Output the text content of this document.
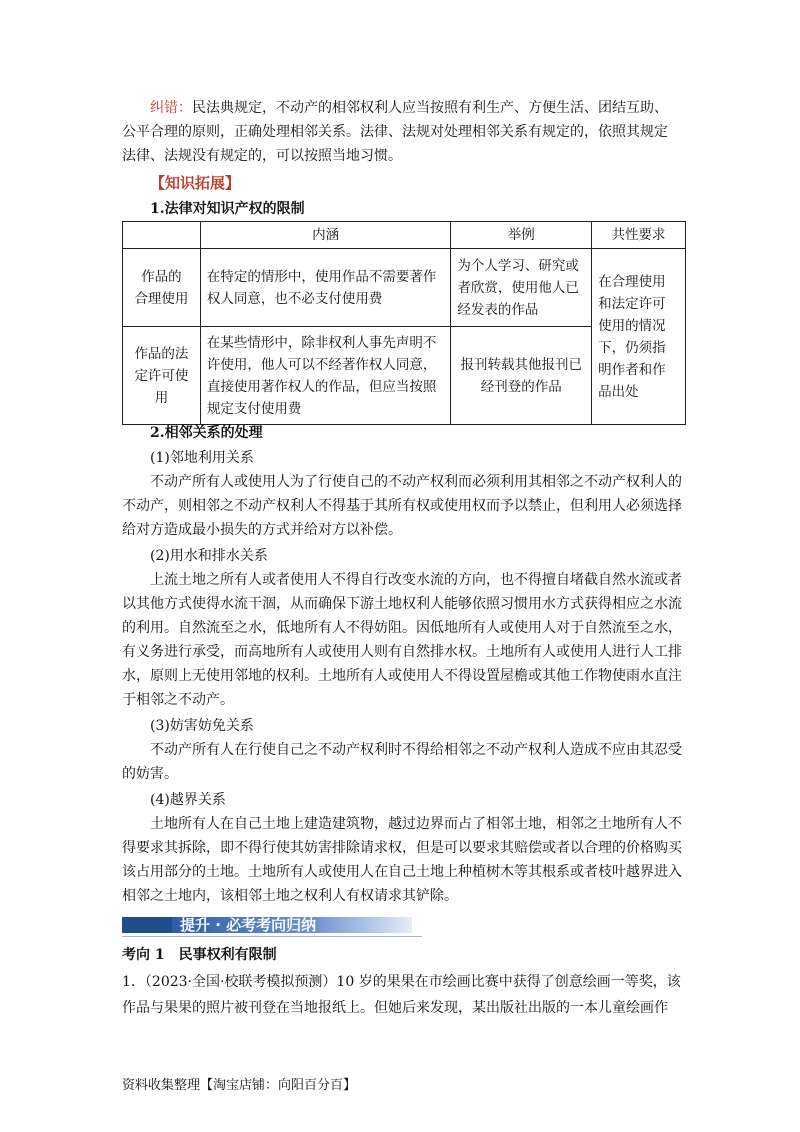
纠错：民法典规定，不动产的相邻权利人应当按照有利生产、方便生活、团结互助、

公平合理的原则，正确处理相邻关系。法律、法规对处理相邻关系有规定的，依照其规定

法律、法规没有规定的，可以按照当地习惯。

【知识拓展】

1.法律对知识产权的限制

	内涵	举例	共性要求
作品的
合理使用	在特定的情形中，使用作品不需要著作权人同意，也不必支付使用费	为个人学习、研究或者欣赏，使用他人已经发表的作品	在合理使用和法定许可使用的情况下，仍须指明作者和作品出处
作品的法
定许可使用	在某些情形中，除非权利人事先声明不许使用，他人可以不经著作权人同意，直接使用著作权人的作品，但应当按照规定支付使用费	报刊转载其他报刊已经刊登的作品	

2.相邻关系的处理

(1)邻地利用关系

不动产所有人或使用人为了行使自己的不动产权利而必须利用其相邻之不动产权利人的不动产，则相邻之不动产权利人不得基于其所有权或使用权而予以禁止，但利用人必须选择给对方造成最小损失的方式并给对方以补偿。

(2)用水和排水关系

上流土地之所有人或者使用人不得自行改变水流的方向，也不得擅自堵截自然水流或者以其他方式使得水流干涸，从而确保下游土地权利人能够依照习惯用水方式获得相应之水流的利用。自然流至之水，低地所有人不得妨阻。因低地所有人或使用人对于自然流至之水，有义务进行承受，而高地所有人或使用人则有自然排水权。土地所有人或使用人进行人工排水，原则上无使用邻地的权利。土地所有人或使用人不得设置屋檐或其他工作物使雨水直注于相邻之不动产。

(3)妨害妨免关系

不动产所有人在行使自己之不动产权利时不得给相邻之不动产权利人造成不应由其忍受的妨害。

(4)越界关系

土地所有人在自己土地上建造建筑物，越过边界而占了相邻土地，相邻之土地所有人不得要求其拆除，即不得行使其妨害排除请求权，但是可以要求其赔偿或者以合理的价格购买该占用部分的土地。土地所有人或使用人在自己土地上种植树木等其根系或者枝叶越界进入相邻之土地内，该相邻土地之权利人有权请求其铲除。

提升 · 必考考向归纳

考向 1　民事权利有限制

1．（2023·全国·校联考模拟预测）10 岁的果果在市绘画比赛中获得了创意绘画一等奖，该

作品与果果的照片被刊登在当地报纸上。但她后来发现，某出版社出版的一本儿童绘画作

资料收集整理【淘宝店铺：向阳百分百】
